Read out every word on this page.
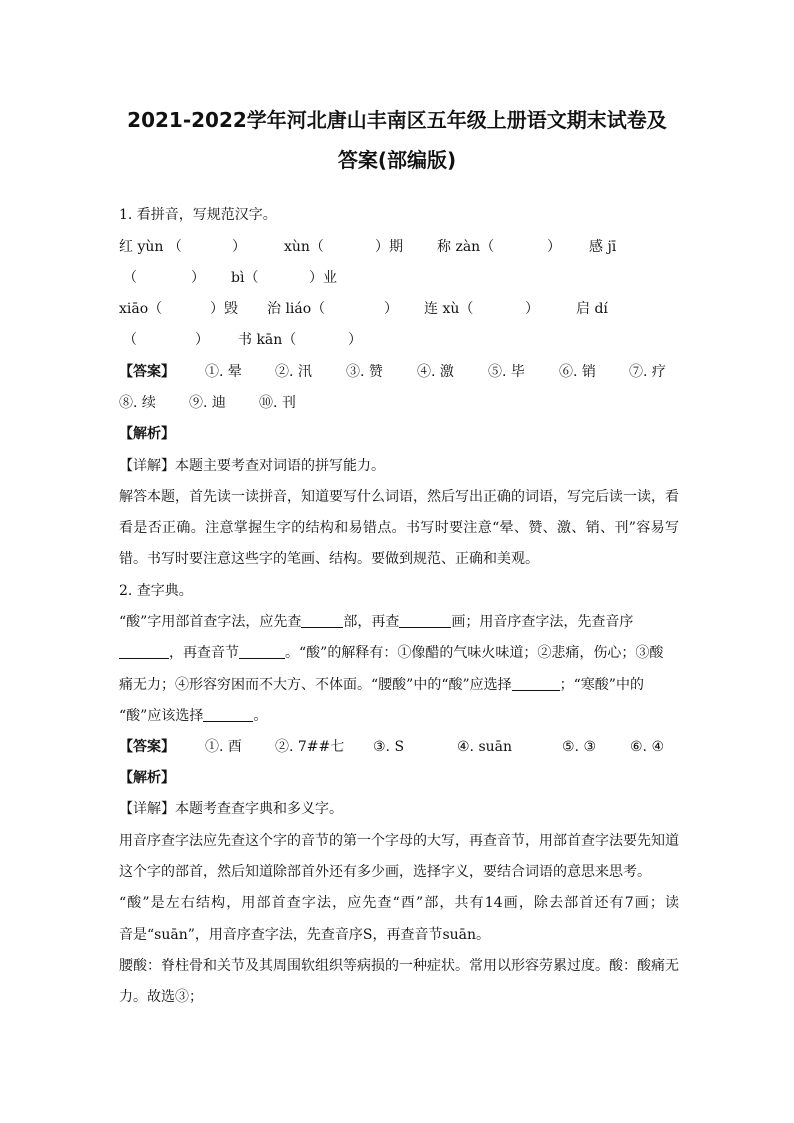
2021-2022学年河北唐山丰南区五年级上册语文期末试卷及
答案(部编版)
1. 看拼音，写规范汉字。
红 yùn （	）	xùn（	）期 称 zàn（	） 感 jī
（	） bì（	）业
xiāo（	）毁 治 liáo（	） 连 xù（	）	启 dí
（	） 书 kān（	）
【答案】 ①. 晕 ②. 汛 ③. 赞 ④. 激 ⑤. 毕 ⑥. 销 ⑦. 疗
⑧. 续 ⑨. 迪 ⑩. 刊
【解析】
【详解】本题主要考查对词语的拼写能力。
解答本题，首先读一读拼音，知道要写什么词语，然后写出正确的词语，写完后读一读，看
看是否正确。注意掌握生字的结构和易错点。书写时要注意“晕、赞、激、销、刊”容易写
错。书写时要注意这些字的笔画、结构。要做到规范、正确和美观。
2. 查字典。
“酸”字用部首查字法，应先查	部，再查	画；用音序查字法，先查音序
，再查音节	。“酸”的解释有：①像醋的气味火味道；②悲痛，伤心；③酸
痛无力；④形容穷困而不大方、不体面。“腰酸”中的“酸”应选择	；“寒酸”中的
“酸”应该选择	。
【答案】 ①. 酉 ②. 7##七 ③. S	④. suān	⑤. ③ ⑥. ④
【解析】
【详解】本题考查查字典和多义字。
用音序查字法应先查这个字的音节的第一个字母的大写，再查音节，用部首查字法要先知道
这个字的部首，然后知道除部首外还有多少画，选择字义，要结合词语的意思来思考。
“酸”是左右结构，用部首查字法，应先查“酉”部，共有14画，除去部首还有7画；读
音是“suān”，用音序查字法，先查音序S，再查音节suān。
腰酸：脊柱骨和关节及其周围软组织等病损的一种症状。常用以形容劳累过度。酸：酸痛无
力。故选③；
